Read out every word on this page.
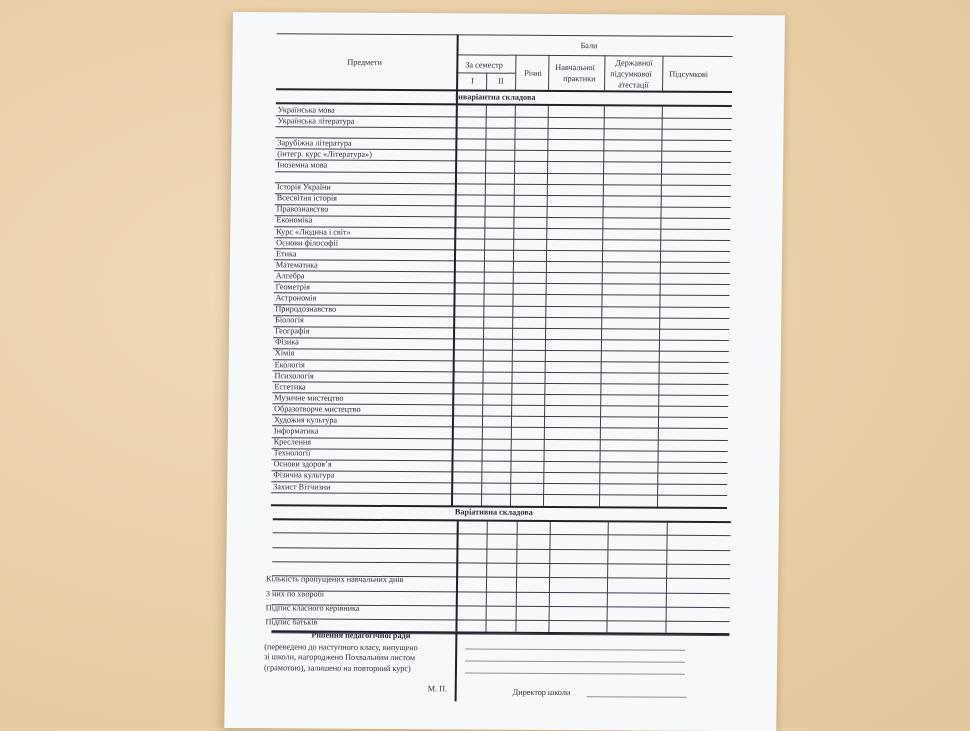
Предмети
Бали
За семестр
I	II
Річні
Навчальної
практики
Державної
підсумкової
атестації
Підсумкові
Інваріантна складова
Українська мова
Українська література
Зарубіжна література
(інтегр. курс «Література»)
Іноземна мова
Історія України
Всесвітня історія
Правознавство
Економіка
Курс «Людина і світ»
Основи філософії
Етика
Математика
Алгебра
Геометрія
Астрономія
Природознавство
Біологія
Географія
Фізика
Хімія
Екологія
Психологія
Естетика
Музичне мистецтво
Образотворче мистецтво
Художня культура
Інформатика
Креслення
Технології
Основи здоров’я
Фізична культура
Захист Вітчизни
Варіативна складова
Кількість пропущених навчальних днів
З них по хворобі
Підпис класного керівника
Підпис батьків
Рішення педагогічної ради
(переведено до наступного класу, випущено
зі школи, нагороджено Похвальним листом
(грамотою), залишено на повторний курс)
М. П.	Директор школи
